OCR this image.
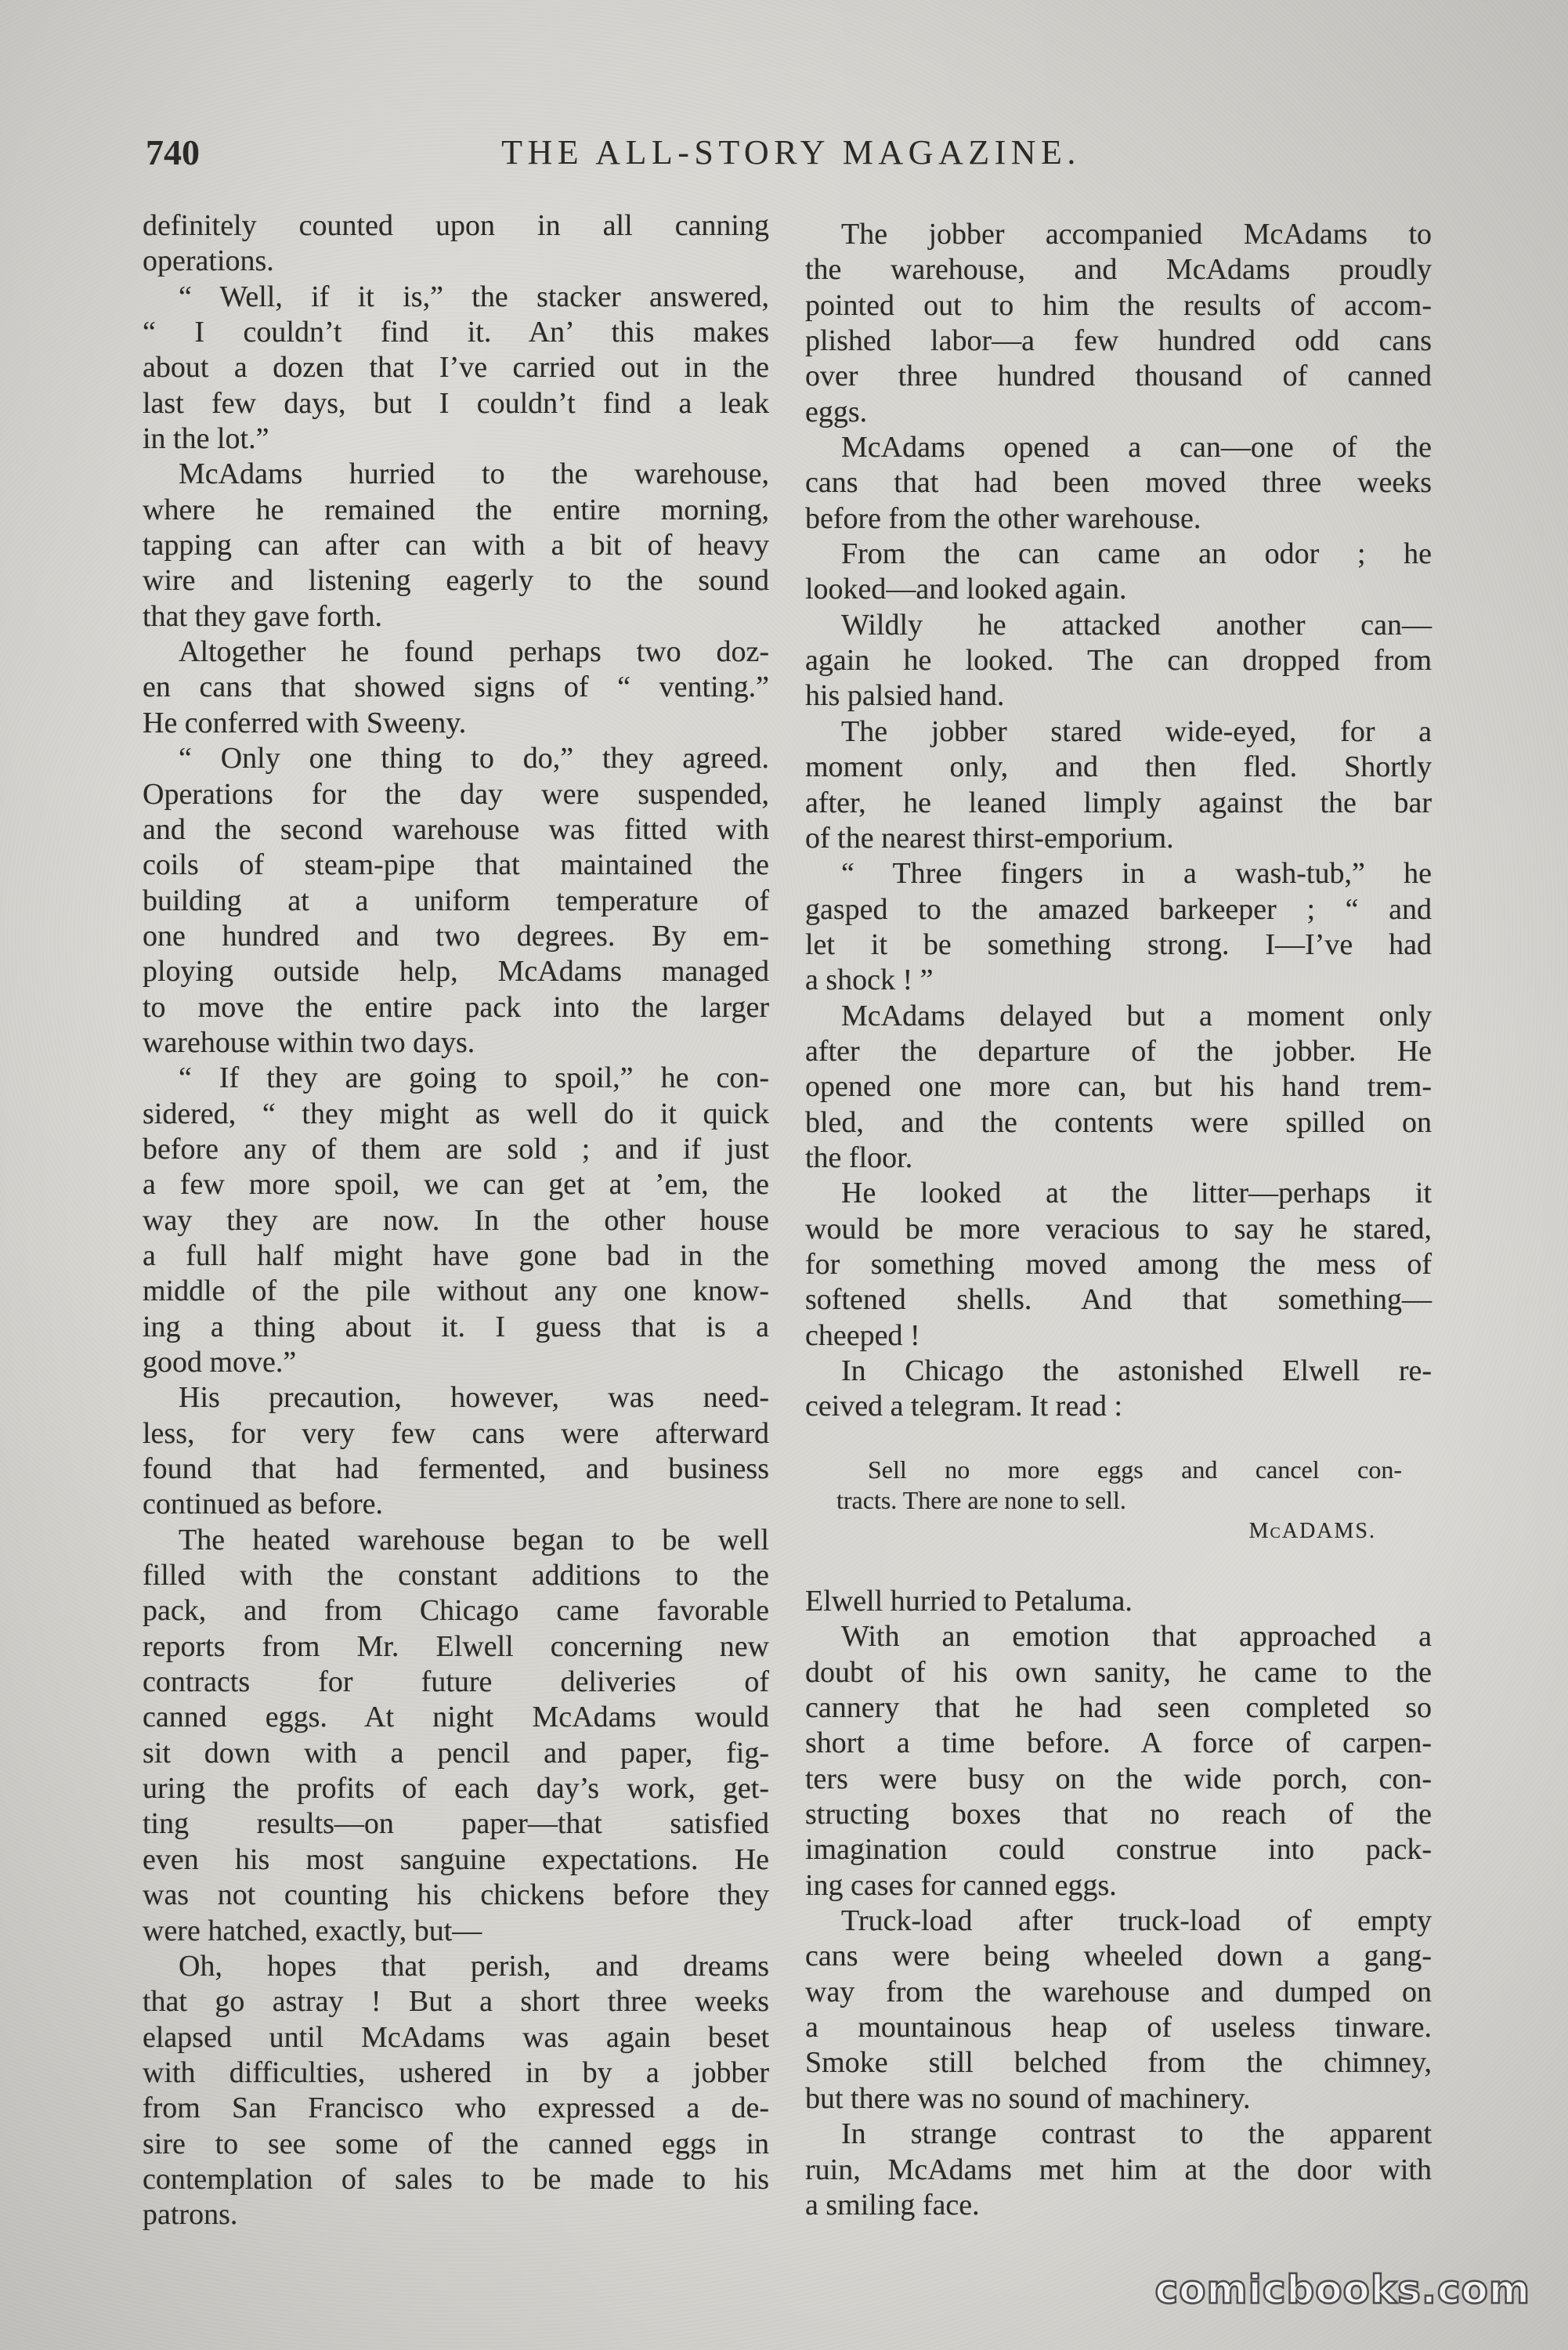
740	THE ALL-STORY MAGAZINE.
definitely counted upon in all canning
operations.
“ Well, if it is,” the stacker answered,
“ I couldn’t find it. An’ this makes
about a dozen that I’ve carried out in the
last few days, but I couldn’t find a leak
in the lot.”
McAdams hurried to the warehouse,
where he remained the entire morning,
tapping can after can with a bit of heavy
wire and listening eagerly to the sound
that they gave forth.
Altogether he found perhaps two doz-
en cans that showed signs of “ venting.”
He conferred with Sweeny.
“ Only one thing to do,” they agreed.
Operations for the day were suspended,
and the second warehouse was fitted with
coils of steam-pipe that maintained the
building at a uniform temperature of
one hundred and two degrees. By em-
ploying outside help, McAdams managed
to move the entire pack into the larger
warehouse within two days.
“ If they are going to spoil,” he con-
sidered, “ they might as well do it quick
before any of them are sold ; and if just
a few more spoil, we can get at ’em, the
way they are now. In the other house
a full half might have gone bad in the
middle of the pile without any one know-
ing a thing about it. I guess that is a
good move.”
His precaution, however, was need-
less, for very few cans were afterward
found that had fermented, and business
continued as before.
The heated warehouse began to be well
filled with the constant additions to the
pack, and from Chicago came favorable
reports from Mr. Elwell concerning new
contracts for future deliveries of
canned eggs. At night McAdams would
sit down with a pencil and paper, fig-
uring the profits of each day’s work, get-
ting results—on paper—that satisfied
even his most sanguine expectations. He
was not counting his chickens before they
were hatched, exactly, but—
Oh, hopes that perish, and dreams
that go astray ! But a short three weeks
elapsed until McAdams was again beset
with difficulties, ushered in by a jobber
from San Francisco who expressed a de-
sire to see some of the canned eggs in
contemplation of sales to be made to his
patrons.
The jobber accompanied McAdams to
the warehouse, and McAdams proudly
pointed out to him the results of accom-
plished labor—a few hundred odd cans
over three hundred thousand of canned
eggs.
McAdams opened a can—one of the
cans that had been moved three weeks
before from the other warehouse.
From the can came an odor ; he
looked—and looked again.
Wildly he attacked another can—
again he looked. The can dropped from
his palsied hand.
The jobber stared wide-eyed, for a
moment only, and then fled. Shortly
after, he leaned limply against the bar
of the nearest thirst-emporium.
“ Three fingers in a wash-tub,” he
gasped to the amazed barkeeper ; “ and
let it be something strong. I—I’ve had
a shock ! ”
McAdams delayed but a moment only
after the departure of the jobber. He
opened one more can, but his hand trem-
bled, and the contents were spilled on
the floor.
He looked at the litter—perhaps it
would be more veracious to say he stared,
for something moved among the mess of
softened shells. And that something—
cheeped !
In Chicago the astonished Elwell re-
ceived a telegram. It read :
Sell no more eggs and cancel con-
tracts. There are none to sell.
McADAMS.
Elwell hurried to Petaluma.
With an emotion that approached a
doubt of his own sanity, he came to the
cannery that he had seen completed so
short a time before. A force of carpen-
ters were busy on the wide porch, con-
structing boxes that no reach of the
imagination could construe into pack-
ing cases for canned eggs.
Truck-load after truck-load of empty
cans were being wheeled down a gang-
way from the warehouse and dumped on
a mountainous heap of useless tinware.
Smoke still belched from the chimney,
but there was no sound of machinery.
In strange contrast to the apparent
ruin, McAdams met him at the door with
a smiling face.
comicbooks.com
